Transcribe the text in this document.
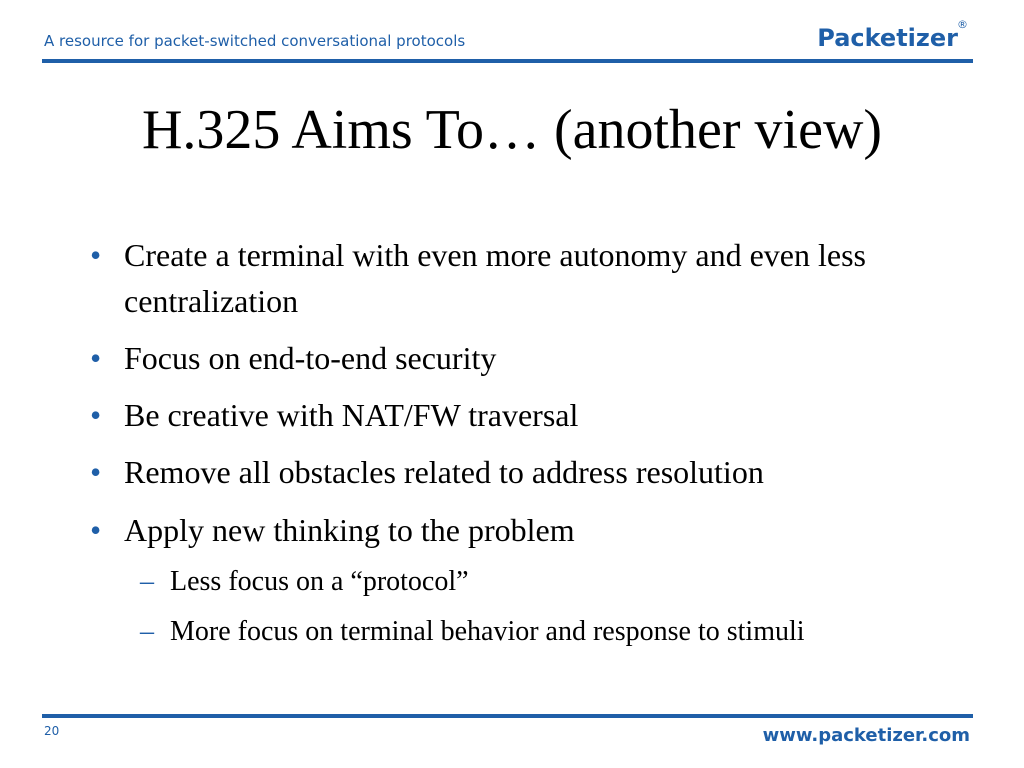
A resource for packet-switched conversational protocols	Packetizer ®
H.325 Aims To… (another view)
• Create a terminal with even more autonomy and even less centralization
• Focus on end-to-end security
• Be creative with NAT/FW traversal
• Remove all obstacles related to address resolution
• Apply new thinking to the problem
– Less focus on a “protocol”
– More focus on terminal behavior and response to stimuli
20	www.packetizer.com
